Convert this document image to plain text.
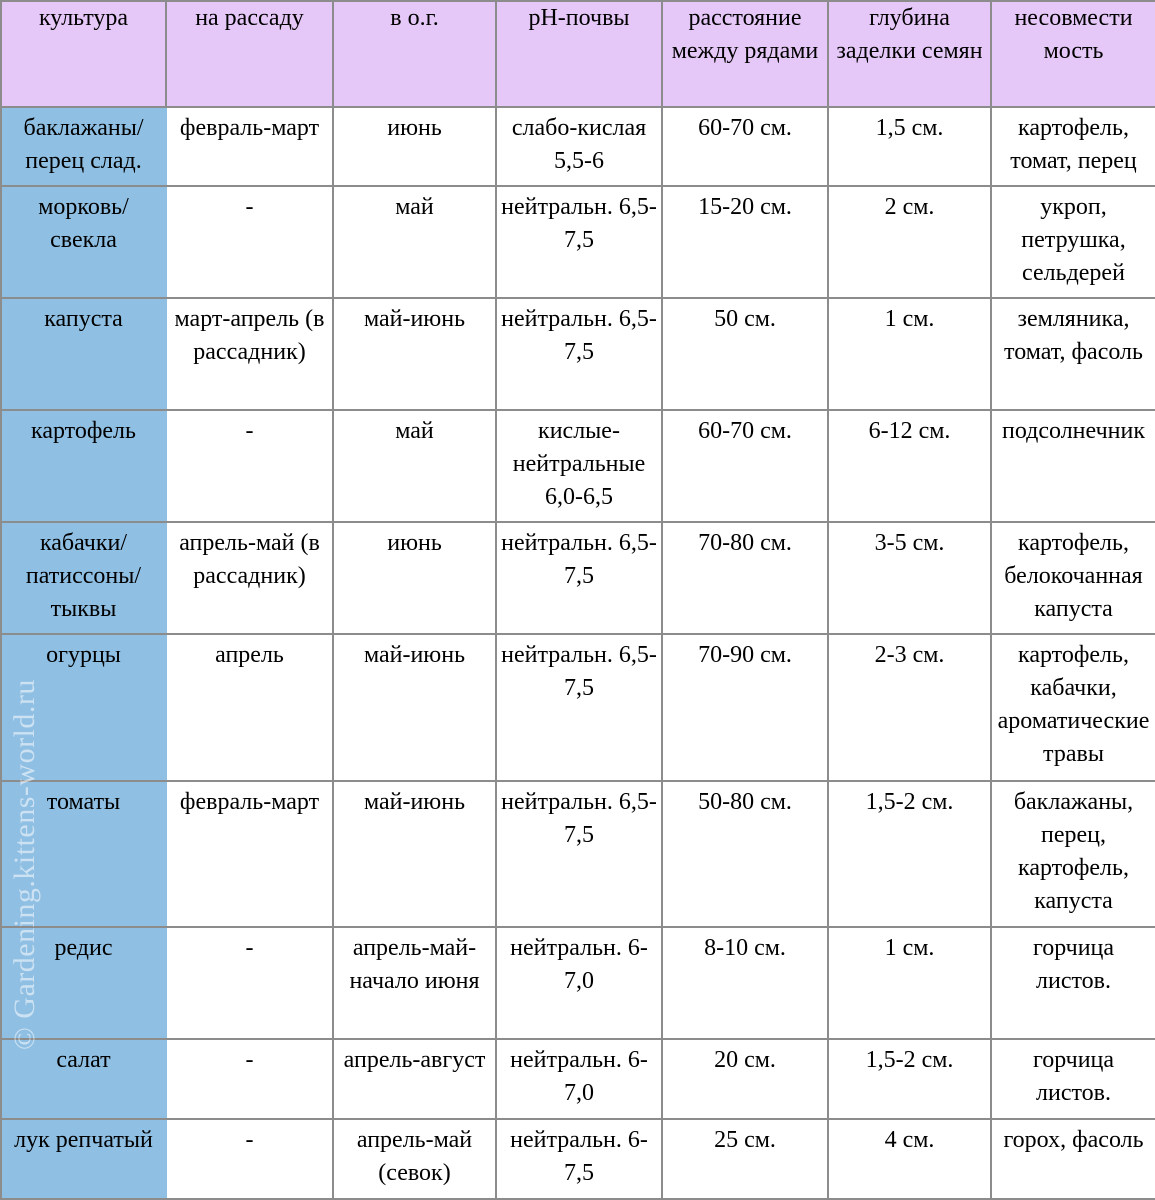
культура	на рассаду	в о.г.	pH-почвы	расстояние между рядами	глубина заделки семян	несовмести мость
баклажаны/ перец слад.	февраль-март	июнь	слабо-кислая 5,5-6	60-70 см.	1,5 см.	картофель, томат, перец
морковь/ свекла	-	май	нейтральн. 6,5-7,5	15-20 см.	2 см.	укроп, петрушка, сельдерей
капуста	март-апрель (в рассадник)	май-июнь	нейтральн. 6,5-7,5	50 см.	1 см.	земляника, томат, фасоль
картофель	-	май	кислые-нейтральные 6,0-6,5	60-70 см.	6-12 см.	подсолнечник
кабачки/ патиссоны/ тыквы	апрель-май (в рассадник)	июнь	нейтральн. 6,5-7,5	70-80 см.	3-5 см.	картофель, белокочанная капуста
огурцы	апрель	май-июнь	нейтральн. 6,5-7,5	70-90 см.	2-3 см.	картофель, кабачки, ароматические травы
томаты	февраль-март	май-июнь	нейтральн. 6,5-7,5	50-80 см.	1,5-2 см.	баклажаны, перец, картофель, капуста
редис	-	апрель-май-начало июня	нейтральн. 6-7,0	8-10 см.	1 см.	горчица листов.
салат	-	апрель-август	нейтральн. 6-7,0	20 см.	1,5-2 см.	горчица листов.
лук репчатый	-	апрель-май (севок)	нейтральн. 6-7,5	25 см.	4 см.	горох, фасоль
© Gardening.kittens-world.ru
